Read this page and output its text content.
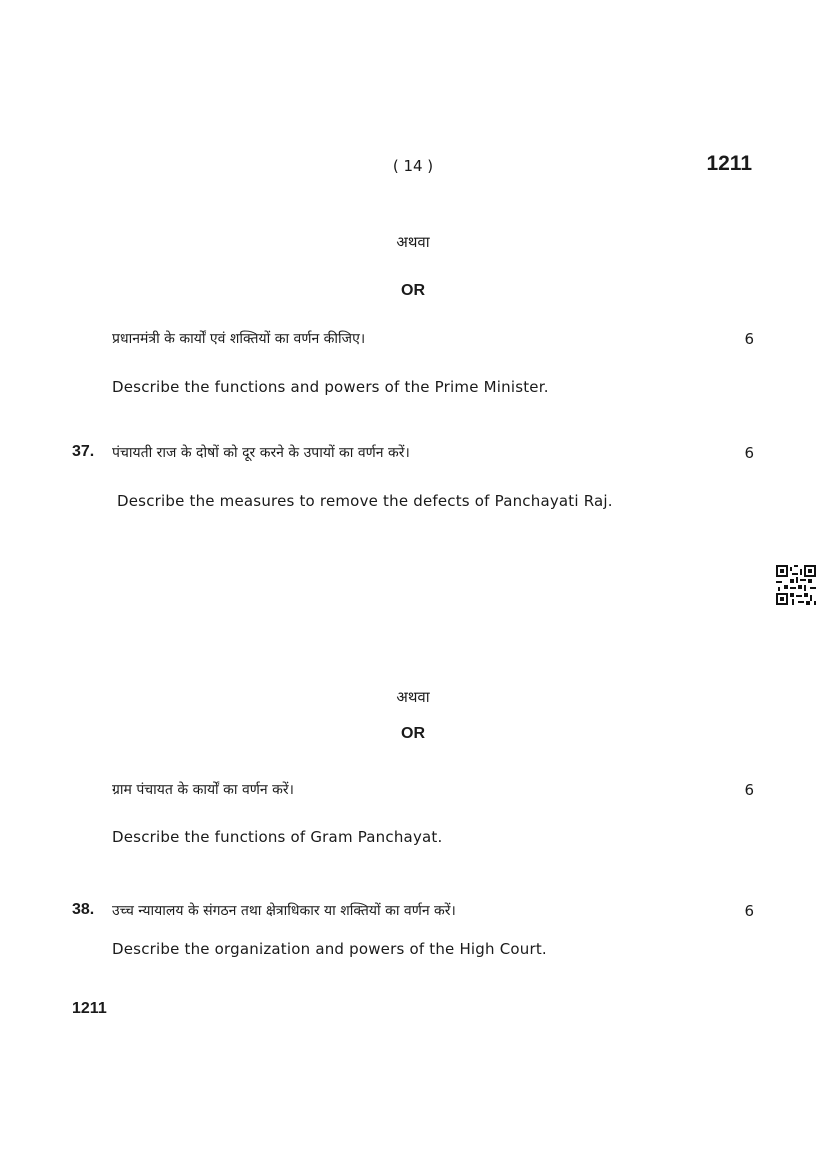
( 14 )	1211
अथवा
OR
प्रधानमंत्री के कार्यों एवं शक्तियों का वर्णन कीजिए।	6
Describe the functions and powers of the Prime Minister.
37. पंचायती राज के दोषों को दूर करने के उपायों का वर्णन करें।	6
Describe the measures to remove the defects of Panchayati Raj.
अथवा
OR
ग्राम पंचायत के कार्यों का वर्णन करें।	6
Describe the functions of Gram Panchayat.
38. उच्च न्यायालय के संगठन तथा क्षेत्राधिकार या शक्तियों का वर्णन करें।	6
Describe the organization and powers of the High Court.
1211
